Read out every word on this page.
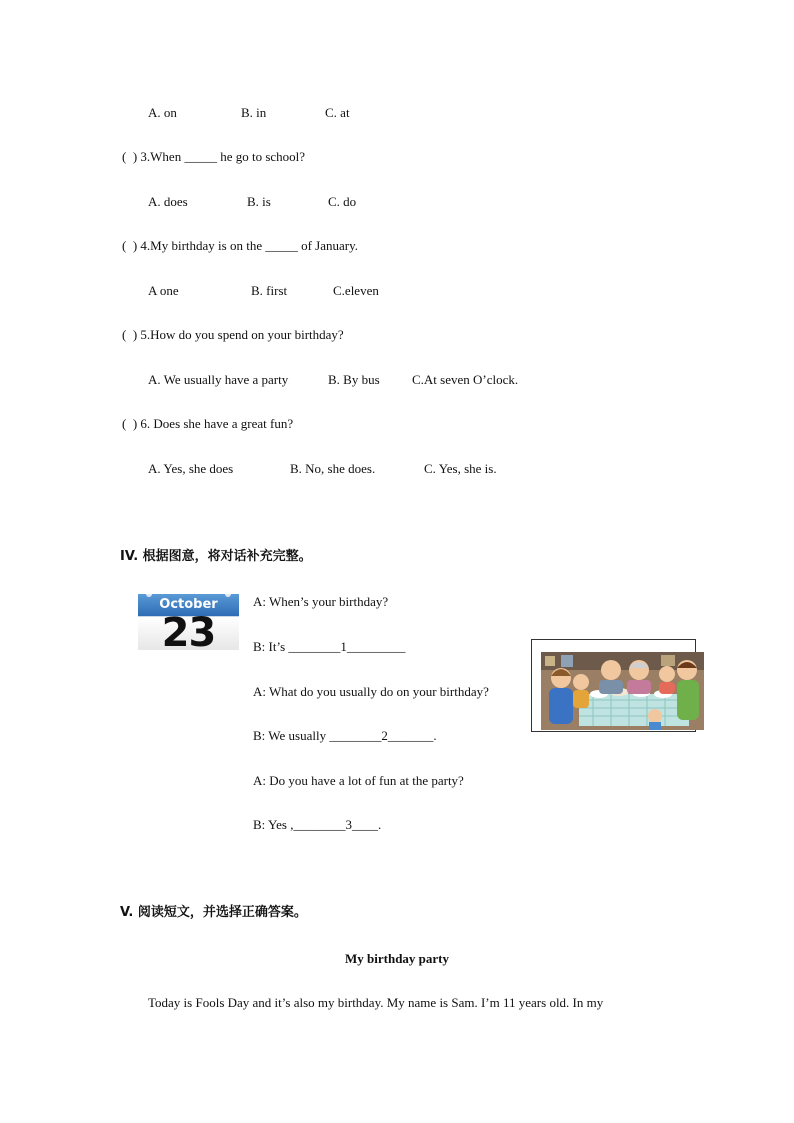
A. on	B. in	C. at
(  ) 3.When _____ he go to school?
A. does	B. is	C. do
(  ) 4.My birthday is on the _____ of January.
A one	B. first	C.eleven
(  ) 5.How do you spend on your birthday?
A. We usually have a party	B. By bus C.At seven O’clock.
(  ) 6. Does she have a great fun?
A. Yes, she does	B. No, she does.	C. Yes, she is.
IV. 根据图意，将对话补充完整。
October
23
A: When’s your birthday?
B: It’s ________1_________
A: What do you usually do on your birthday?
B: We usually ________2_______.
A: Do you have a lot of fun at the party?
B: Yes ,________3____.
V. 阅读短文，并选择正确答案。
My birthday party
Today is Fools Day and it’s also my birthday. My name is Sam. I’m 11 years old. In my
